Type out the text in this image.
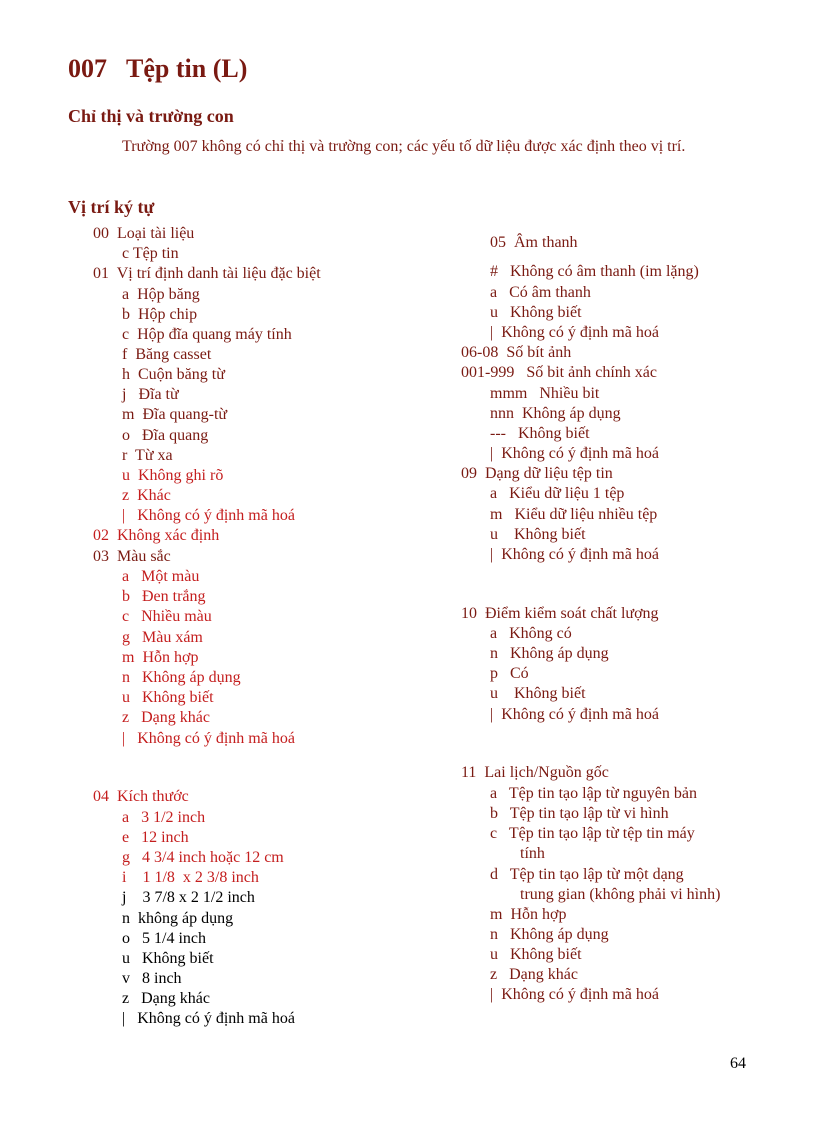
007   Tệp tin (L)
Chỉ thị và trường con

Trường 007 không có chỉ thị và trường con; các yếu tố dữ liệu được xác định theo vị trí.

Vị trí ký tự
00  Loại tài liệu
c Tệp tin
01  Vị trí định danh tài liệu đặc biệt
a  Hộp băng
b  Hộp chip
c  Hộp đĩa quang máy tính
f  Băng casset
h  Cuộn băng từ
j   Đĩa từ
m  Đĩa quang-từ
o   Đĩa quang
r  Từ xa
u  Không ghi rõ
z  Khác
|   Không có ý định mã hoá
02  Không xác định
03  Màu sắc
a   Một màu
b   Đen trắng
c   Nhiều màu
g   Màu xám
m  Hỗn hợp
n   Không áp dụng
u   Không biết
z   Dạng khác
|   Không có ý định mã hoá
04  Kích thước
a   3 1/2 inch
e   12 inch
g   4 3/4 inch hoặc 12 cm
i    1 1/8  x 2 3/8 inch
j    3 7/8 x 2 1/2 inch
n  không áp dụng
o   5 1/4 inch
u   Không biết
v   8 inch
z   Dạng khác
|   Không có ý định mã hoá
05  Âm thanh
#   Không có âm thanh (im lặng)
a   Có âm thanh
u   Không biết
|  Không có ý định mã hoá
06-08  Số bít ảnh
001-999   Số bit ảnh chính xác
mmm   Nhiều bit
nnn  Không áp dụng
---   Không biết
|  Không có ý định mã hoá
09  Dạng dữ liệu tệp tin
a   Kiểu dữ liệu 1 tệp
m   Kiểu dữ liệu nhiều tệp
u    Không biết
|  Không có ý định mã hoá
10  Điểm kiểm soát chất lượng
a   Không có
n   Không áp dụng
p   Có
u    Không biết
|  Không có ý định mã hoá
11  Lai lịch/Nguồn gốc
a   Tệp tin tạo lập từ nguyên bản
b   Tệp tin tạo lập từ vi hình
c   Tệp tin tạo lập từ tệp tin máy
tính
d   Tệp tin tạo lập từ một dạng
trung gian (không phải vi hình)
m  Hỗn hợp
n   Không áp dụng
u   Không biết
z   Dạng khác
|  Không có ý định mã hoá
64
